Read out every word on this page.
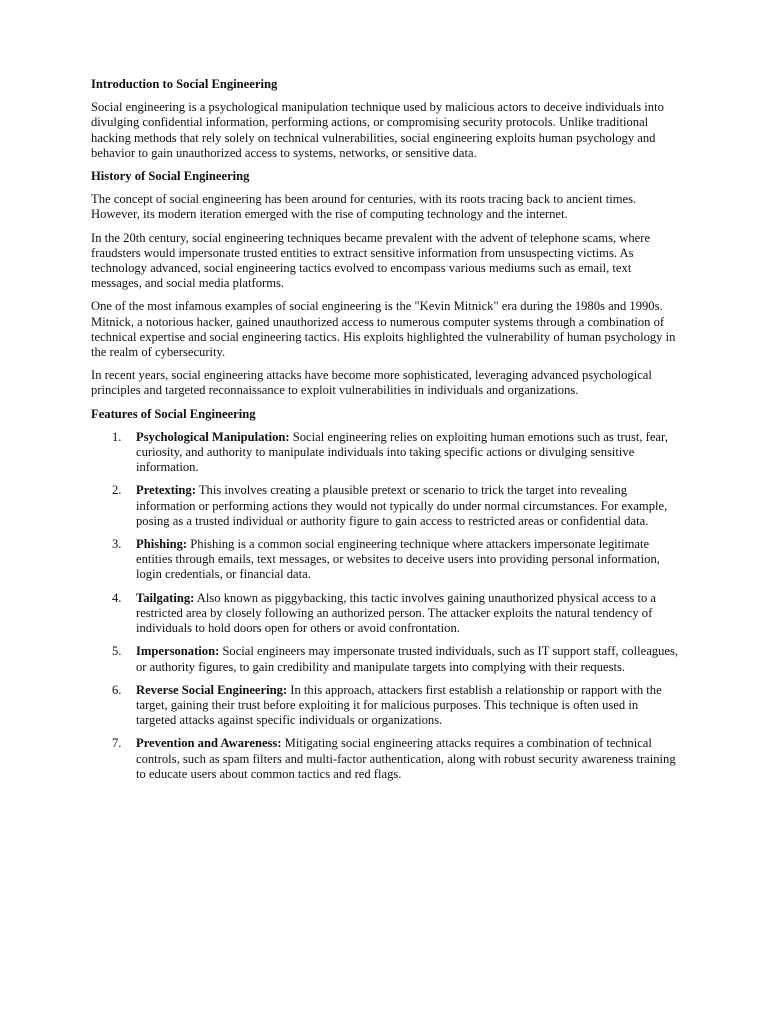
Introduction to Social Engineering

Social engineering is a psychological manipulation technique used by malicious actors to deceive individuals into divulging confidential information, performing actions, or compromising security protocols. Unlike traditional hacking methods that rely solely on technical vulnerabilities, social engineering exploits human psychology and behavior to gain unauthorized access to systems, networks, or sensitive data.

History of Social Engineering

The concept of social engineering has been around for centuries, with its roots tracing back to ancient times. However, its modern iteration emerged with the rise of computing technology and the internet.

In the 20th century, social engineering techniques became prevalent with the advent of telephone scams, where fraudsters would impersonate trusted entities to extract sensitive information from unsuspecting victims. As technology advanced, social engineering tactics evolved to encompass various mediums such as email, text messages, and social media platforms.

One of the most infamous examples of social engineering is the "Kevin Mitnick" era during the 1980s and 1990s. Mitnick, a notorious hacker, gained unauthorized access to numerous computer systems through a combination of technical expertise and social engineering tactics. His exploits highlighted the vulnerability of human psychology in the realm of cybersecurity.

In recent years, social engineering attacks have become more sophisticated, leveraging advanced psychological principles and targeted reconnaissance to exploit vulnerabilities in individuals and organizations.

Features of Social Engineering
1. Psychological Manipulation: Social engineering relies on exploiting human emotions such as trust, fear, curiosity, and authority to manipulate individuals into taking specific actions or divulging sensitive information.
2. Pretexting: This involves creating a plausible pretext or scenario to trick the target into revealing information or performing actions they would not typically do under normal circumstances. For example, posing as a trusted individual or authority figure to gain access to restricted areas or confidential data.
3. Phishing: Phishing is a common social engineering technique where attackers impersonate legitimate entities through emails, text messages, or websites to deceive users into providing personal information, login credentials, or financial data.
4. Tailgating: Also known as piggybacking, this tactic involves gaining unauthorized physical access to a restricted area by closely following an authorized person. The attacker exploits the natural tendency of individuals to hold doors open for others or avoid confrontation.
5. Impersonation: Social engineers may impersonate trusted individuals, such as IT support staff, colleagues, or authority figures, to gain credibility and manipulate targets into complying with their requests.
6. Reverse Social Engineering: In this approach, attackers first establish a relationship or rapport with the target, gaining their trust before exploiting it for malicious purposes. This technique is often used in targeted attacks against specific individuals or organizations.
7. Prevention and Awareness: Mitigating social engineering attacks requires a combination of technical controls, such as spam filters and multi-factor authentication, along with robust security awareness training to educate users about common tactics and red flags.
